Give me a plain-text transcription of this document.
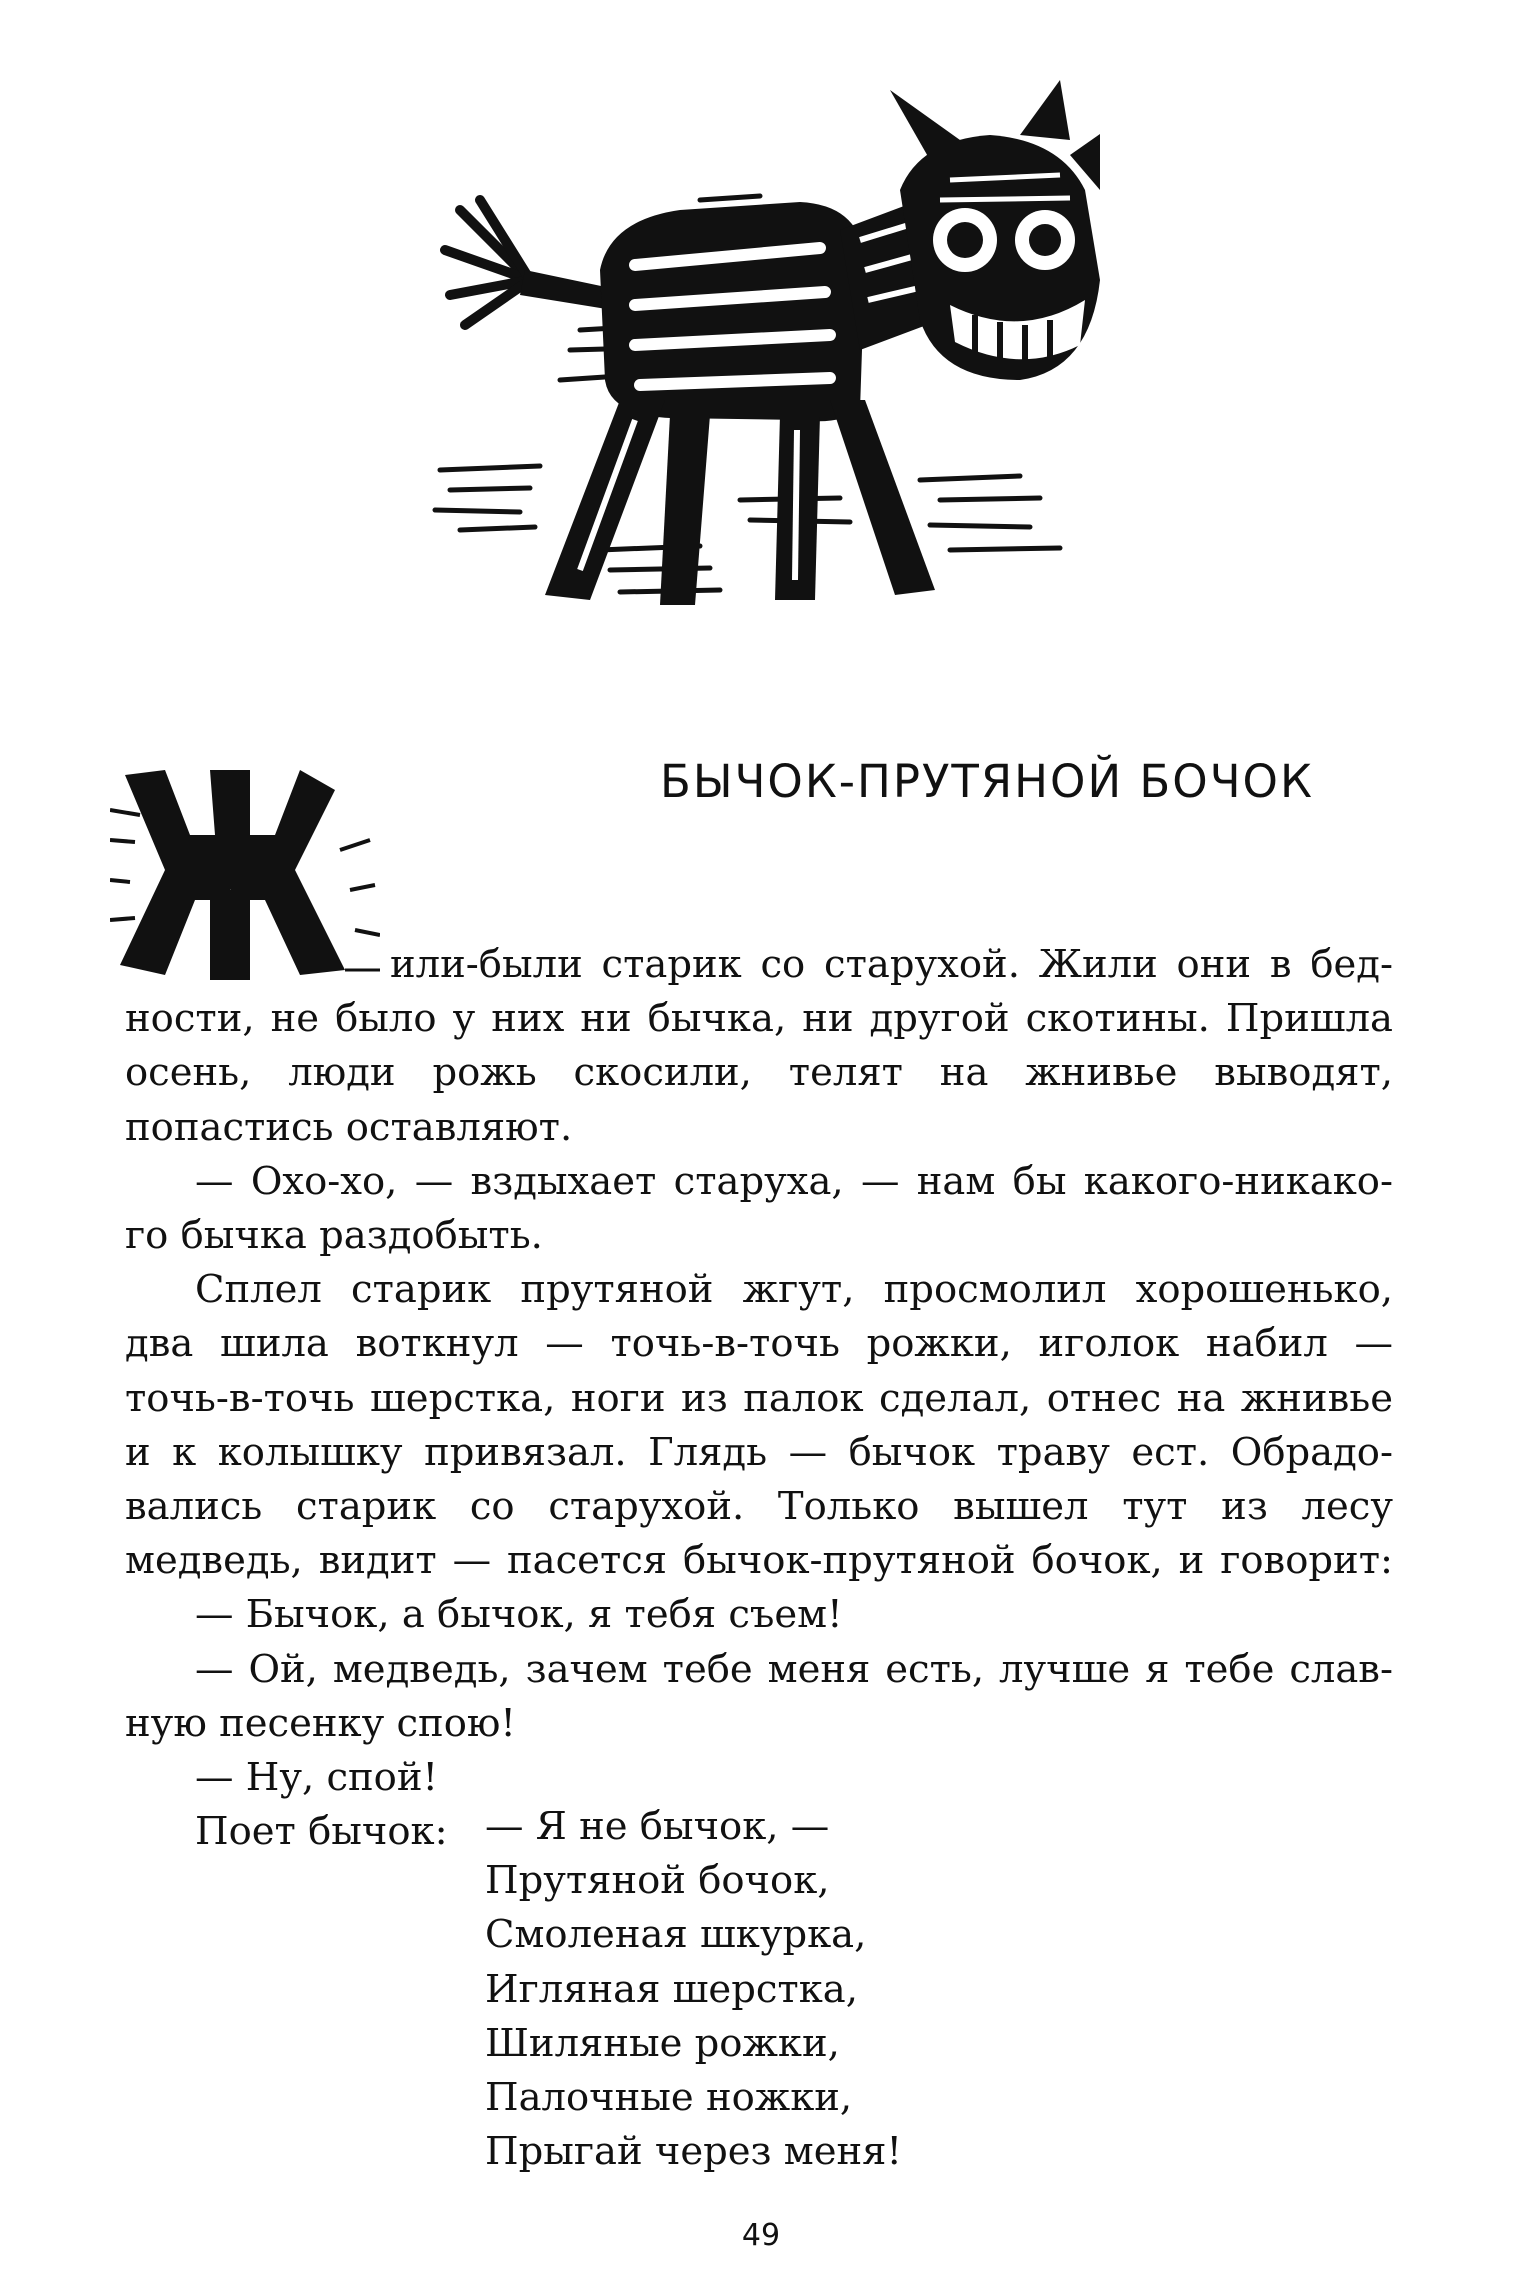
БЫЧОК-ПРУТЯНОЙ БОЧОК
Ж
или-были старик со старухой. Жили они в бед-
ности, не было у них ни бычка, ни другой скотины. Пришла
осень, люди рожь скосили, телят на жнивье выводят,
попастись оставляют.
— Охо-хо, — вздыхает старуха, — нам бы какого-никако-
го бычка раздобыть.
Сплел старик прутяной жгут, просмолил хорошенько,
два шила воткнул — точь-в-точь рожки, иголок набил —
точь-в-точь шерстка, ноги из палок сделал, отнес на жнивье
и к колышку привязал. Глядь — бычок траву ест. Обрадо-
вались старик со старухой. Только вышел тут из лесу
медведь, видит — пасется бычок-прутяной бочок, и говорит:
— Бычок, а бычок, я тебя съем!
— Ой, медведь, зачем тебе меня есть, лучше я тебе слав-
ную песенку спою!
— Ну, спой!
Поет бычок: — Я не бычок, —
Прутяной бочок,
Смоленая шкурка,
Игляная шерстка,
Шиляные рожки,
Палочные ножки,
Прыгай через меня!
49
